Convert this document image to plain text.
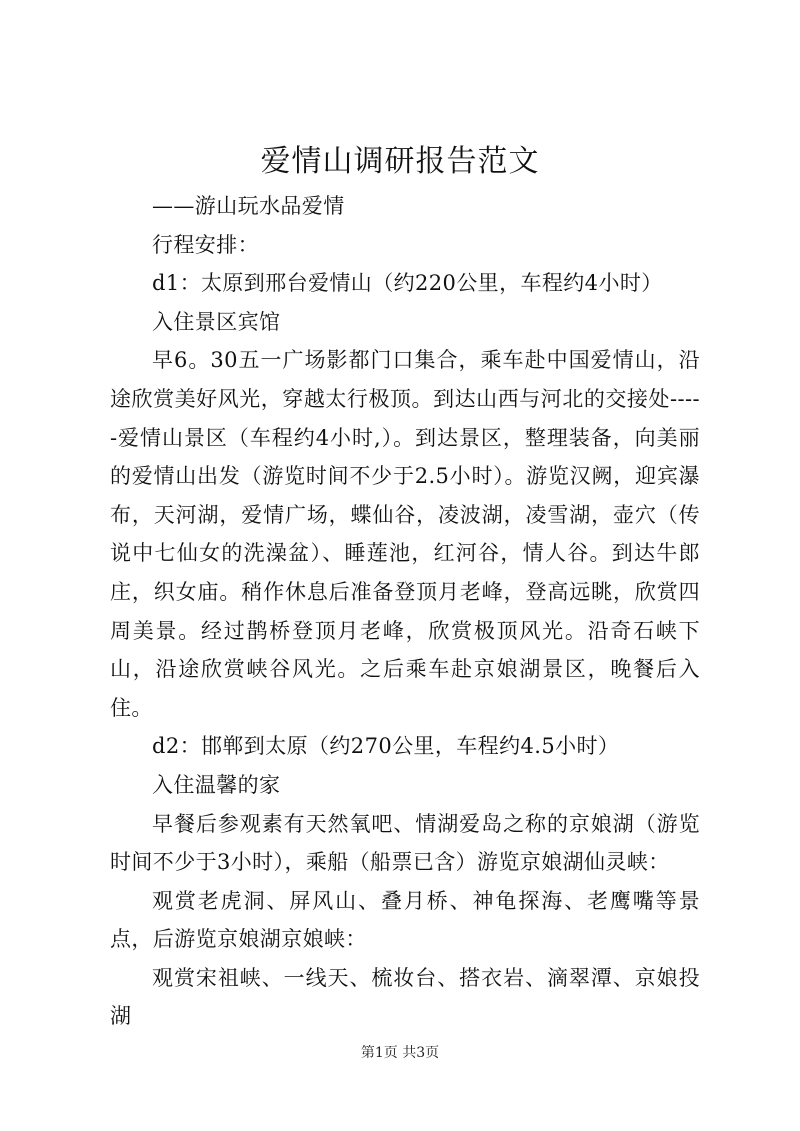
爱情山调研报告范文

——游山玩水品爱情

行程安排：

d1：太原到邢台爱情山（约220公里，车程约4小时）

入住景区宾馆

早6。30五一广场影都门口集合，乘车赴中国爱情山，沿途欣赏美好风光，穿越太行极顶。到达山西与河北的交接处-----爱情山景区（车程约4小时,）。到达景区，整理装备，向美丽的爱情山出发（游览时间不少于2.5小时）。游览汉阙，迎宾瀑布，天河湖，爱情广场，蝶仙谷，凌波湖，凌雪湖，壶穴（传说中七仙女的洗澡盆）、睡莲池，红河谷，情人谷。到达牛郎庄，织女庙。稍作休息后准备登顶月老峰，登高远眺，欣赏四周美景。经过鹊桥登顶月老峰，欣赏极顶风光。沿奇石峡下山，沿途欣赏峡谷风光。之后乘车赴京娘湖景区，晚餐后入住。

d2：邯郸到太原（约270公里，车程约4.5小时）

入住温馨的家

早餐后参观素有天然氧吧、情湖爱岛之称的京娘湖（游览时间不少于3小时），乘船（船票已含）游览京娘湖仙灵峡：

观赏老虎洞、屏风山、叠月桥、神龟探海、老鹰嘴等景点，后游览京娘湖京娘峡：

观赏宋祖峡、一线天、梳妆台、搭衣岩、滴翠潭、京娘投湖

第1页 共3页
